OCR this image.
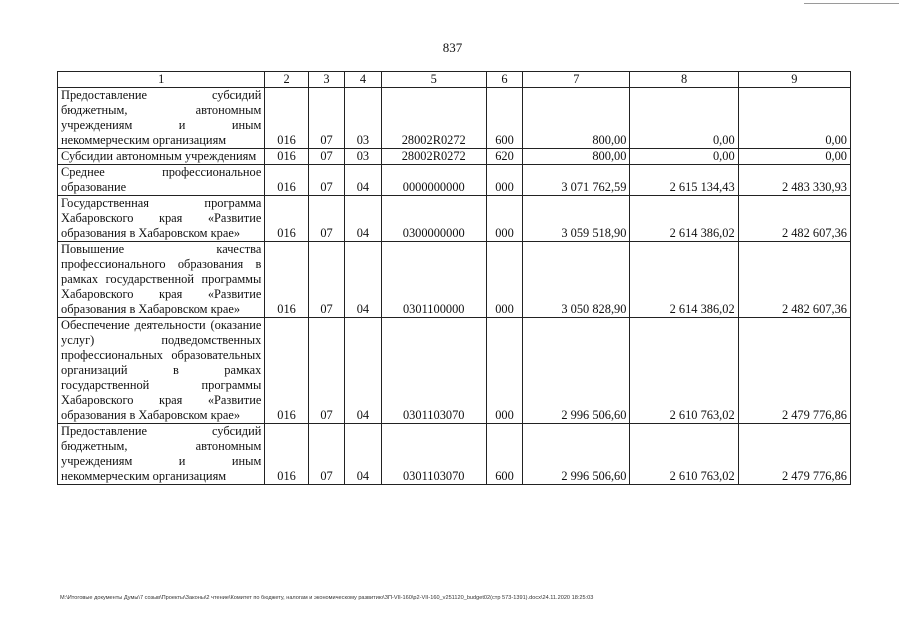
837
1	2	3	4	5	6	7	8	9
Предоставление субсидий бюджетным, автономным учреждениям и иным некоммерческим организациям	016	07	03	28002R0272	600	800,00	0,00	0,00
Субсидии автономным учреждениям	016	07	03	28002R0272	620	800,00	0,00	0,00
Среднее профессиональное образование	016	07	04	0000000000	000	3 071 762,59	2 615 134,43	2 483 330,93
Государственная программа Хабаровского края «Развитие образования в Хабаровском крае»	016	07	04	0300000000	000	3 059 518,90	2 614 386,02	2 482 607,36
Повышение качества профессионального образования в рамках государственной программы Хабаровского края «Развитие образования в Хабаровском крае»	016	07	04	0301100000	000	3 050 828,90	2 614 386,02	2 482 607,36
Обеспечение деятельности (оказание услуг) подведомственных профессиональных образовательных организаций в рамках государственной программы Хабаровского края «Развитие образования в Хабаровском крае»	016	07	04	0301103070	000	2 996 506,60	2 610 763,02	2 479 776,86
Предоставление субсидий бюджетным, автономным учреждениям и иным некоммерческим организациям	016	07	04	0301103070	600	2 996 506,60	2 610 763,02	2 479 776,86
M:\Итоговые документы Думы\7 созыв\Проекты\Законы\2 чтение\Комитет по бюджету, налогам и экономическому развитию\ЗП-VII-160\p2-VII-160_v251120_budget02(стр 573-1391).docx\24.11.2020 18:25:03
